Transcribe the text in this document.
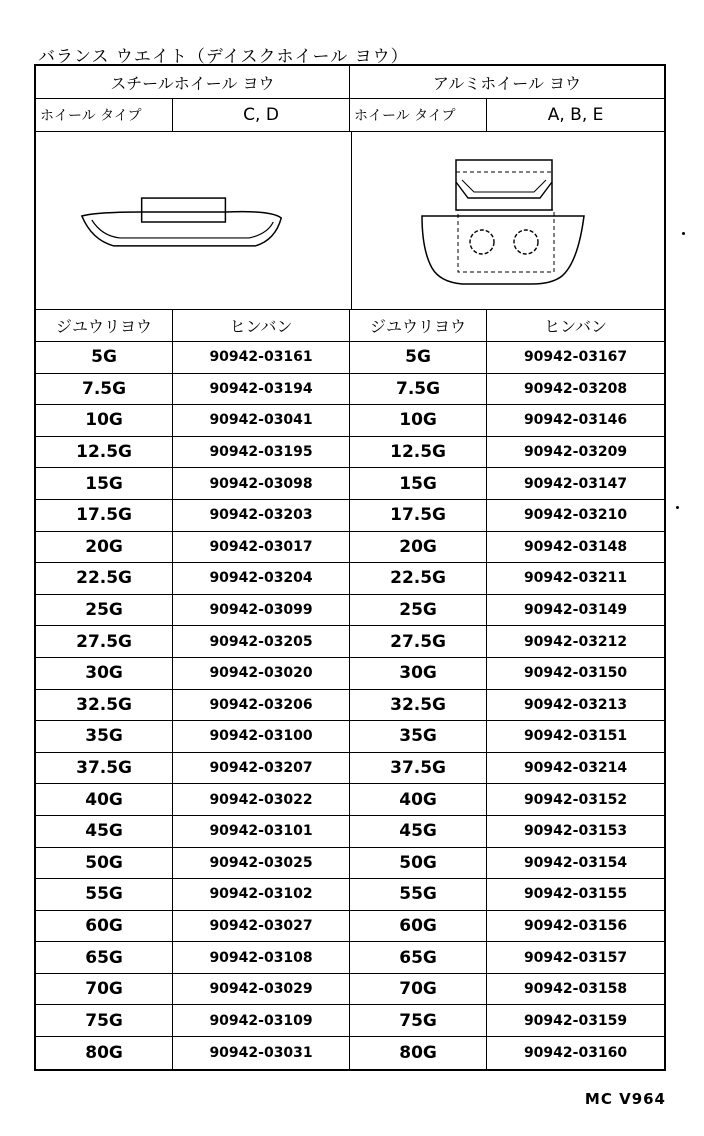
バランス ウエイト（デイスクホイール ヨウ）
スチールホイール ヨウ	アルミホイール ヨウ
ホイール タイプ	C, D	ホイール タイプ	A, B, E
ジユウリヨウ	ヒンバン	ジユウリヨウ	ヒンバン
5G	90942-03161	5G	90942-03167
7.5G	90942-03194	7.5G	90942-03208
10G	90942-03041	10G	90942-03146
12.5G	90942-03195	12.5G	90942-03209
15G	90942-03098	15G	90942-03147
17.5G	90942-03203	17.5G	90942-03210
20G	90942-03017	20G	90942-03148
22.5G	90942-03204	22.5G	90942-03211
25G	90942-03099	25G	90942-03149
27.5G	90942-03205	27.5G	90942-03212
30G	90942-03020	30G	90942-03150
32.5G	90942-03206	32.5G	90942-03213
35G	90942-03100	35G	90942-03151
37.5G	90942-03207	37.5G	90942-03214
40G	90942-03022	40G	90942-03152
45G	90942-03101	45G	90942-03153
50G	90942-03025	50G	90942-03154
55G	90942-03102	55G	90942-03155
60G	90942-03027	60G	90942-03156
65G	90942-03108	65G	90942-03157
70G	90942-03029	70G	90942-03158
75G	90942-03109	75G	90942-03159
80G	90942-03031	80G	90942-03160
MC V964
